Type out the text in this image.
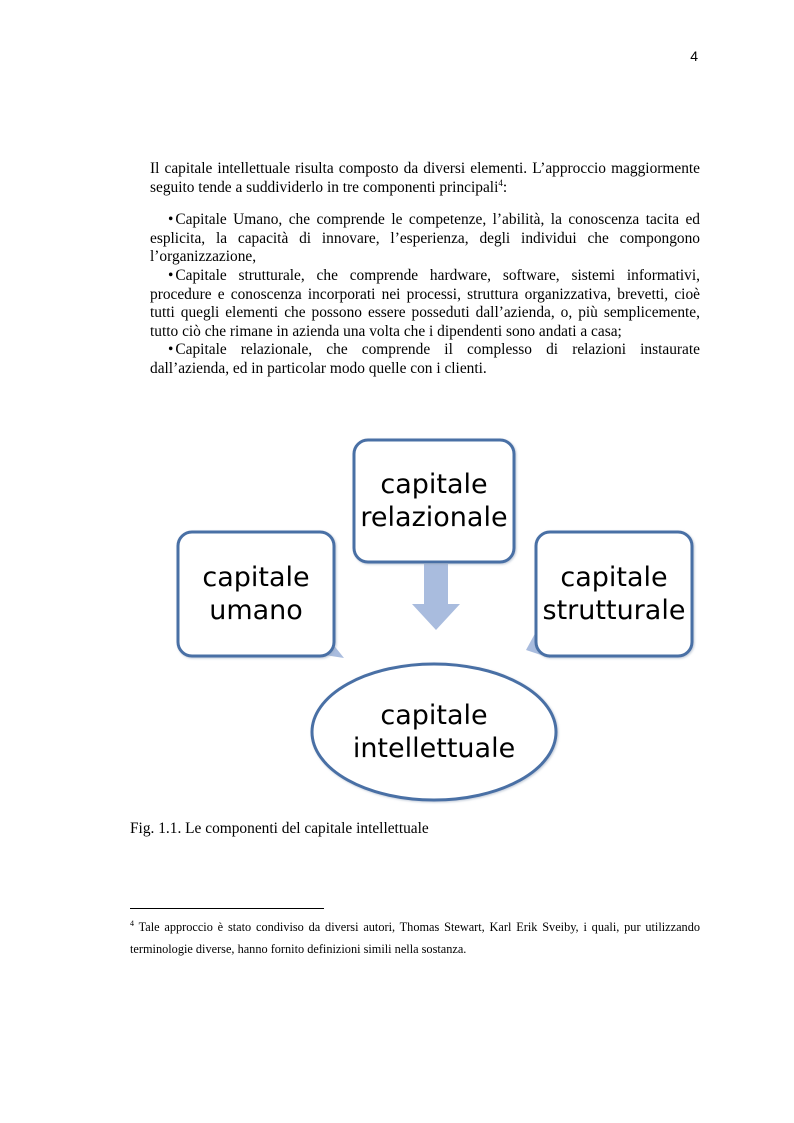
4

Il capitale intellettuale risulta composto da diversi elementi. L’approccio maggiormente seguito tende a suddividerlo in tre componenti principali$^4$:

• Capitale Umano, che comprende le competenze, l’abilità, la conoscenza tacita ed esplicita, la capacità di innovare, l’esperienza, degli individui che compongono l’organizzazione,
• Capitale strutturale, che comprende hardware, software, sistemi informativi, procedure e conoscenza incorporati nei processi, struttura organizzativa, brevetti, cioè tutti quegli elementi che possono essere posseduti dall’azienda, o, più semplicemente, tutto ciò che rimane in azienda una volta che i dipendenti sono andati a casa;
• Capitale relazionale, che comprende il complesso di relazioni instaurate dall’azienda, ed in particolar modo quelle con i clienti.
capitale
relazionale
capitale
umano
capitale
strutturale
capitale
intellettuale
Fig. 1.1. Le componenti del capitale intellettuale
$^4$ Tale approccio è stato condiviso da diversi autori, Thomas Stewart, Karl Erik Sveiby, i quali, pur utilizzando terminologie diverse, hanno fornito definizioni simili nella sostanza.
